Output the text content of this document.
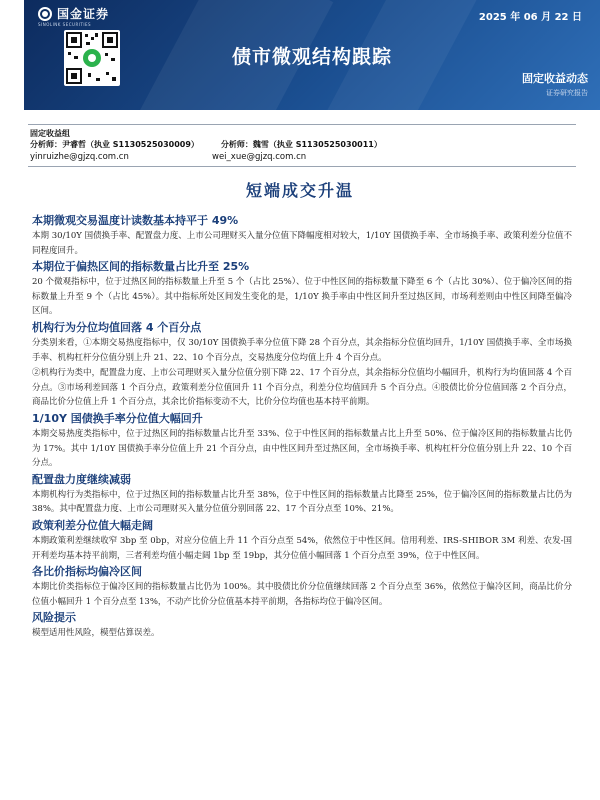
国金证券
SINOLINK SECURITIES
2025 年 06 月 22 日
债市微观结构跟踪
固定收益动态
证券研究报告
固定收益组
分析师：尹睿哲（执业 S1130525030009）	分析师：魏雪（执业 S1130525030011）
yinruizhe@gjzq.com.cn	wei_xue@gjzq.com.cn
短端成交升温
本期微观交易温度计读数基本持平于 49%
本期 30/10Y 国债换手率、配置盘力度、上市公司理财买入量分位值下降幅度相对较大，1/10Y 国债换手率、全市场换手率、政策利差分位值不同程度回升。
本期位于偏热区间的指标数量占比升至 25%
20 个微观指标中，位于过热区间的指标数量上升至 5 个（占比 25%）、位于中性区间的指标数量下降至 6 个（占比 30%）、位于偏冷区间的指标数量上升至 9 个（占比 45%）。其中指标所处区间发生变化的是，1/10Y 换手率由中性区间升至过热区间，市场利差则由中性区间降至偏冷区间。
机构行为分位均值回落 4 个百分点
分类别来看，①本期交易热度指标中，仅 30/10Y 国债换手率分位值下降 28 个百分点，其余指标分位值均回升，1/10Y 国债换手率、全市场换手率、机构杠杆分位值分别上升 21、22、10 个百分点，交易热度分位均值上升 4 个百分点。
②机构行为类中，配置盘力度、上市公司理财买入量分位值分别下降 22、17 个百分点，其余指标分位值均小幅回升，机构行为均值回落 4 个百分点。③市场利差回落 1 个百分点，政策利差分位值回升 11 个百分点，利差分位均值回升 5 个百分点。④股债比价分位值回落 2 个百分点，商品比价分位值上升 1 个百分点，其余比价指标变动不大，比价分位均值也基本持平前期。
1/10Y 国债换手率分位值大幅回升
本期交易热度类指标中，位于过热区间的指标数量占比升至 33%、位于中性区间的指标数量占比上升至 50%、位于偏冷区间的指标数量占比仍为 17%。其中 1/10Y 国债换手率分位值上升 21 个百分点，由中性区间升至过热区间，全市场换手率、机构杠杆分位值分别上升 22、10 个百分点。
配置盘力度继续减弱
本期机构行为类指标中，位于过热区间的指标数量占比升至 38%，位于中性区间的指标数量占比降至 25%，位于偏冷区间的指标数量占比仍为 38%。其中配置盘力度、上市公司理财买入量分位值分别回落 22、17 个百分点至 10%、21%。
政策利差分位值大幅走阔
本期政策利差继续收窄 3bp 至 0bp，对应分位值上升 11 个百分点至 54%，依然位于中性区间。信用利差、IRS-SHIBOR 3M 利差、农发-国开利差均基本持平前期，三者利差均值小幅走阔 1bp 至 19bp，其分位值小幅回落 1 个百分点至 39%，位于中性区间。
各比价指标均偏冷区间
本期比价类指标位于偏冷区间的指标数量占比仍为 100%。其中股债比价分位值继续回落 2 个百分点至 36%，依然位于偏冷区间，商品比价分位值小幅回升 1 个百分点至 13%，不动产比价分位值基本持平前期，各指标均位于偏冷区间。
风险提示
模型适用性风险，模型估算误差。
